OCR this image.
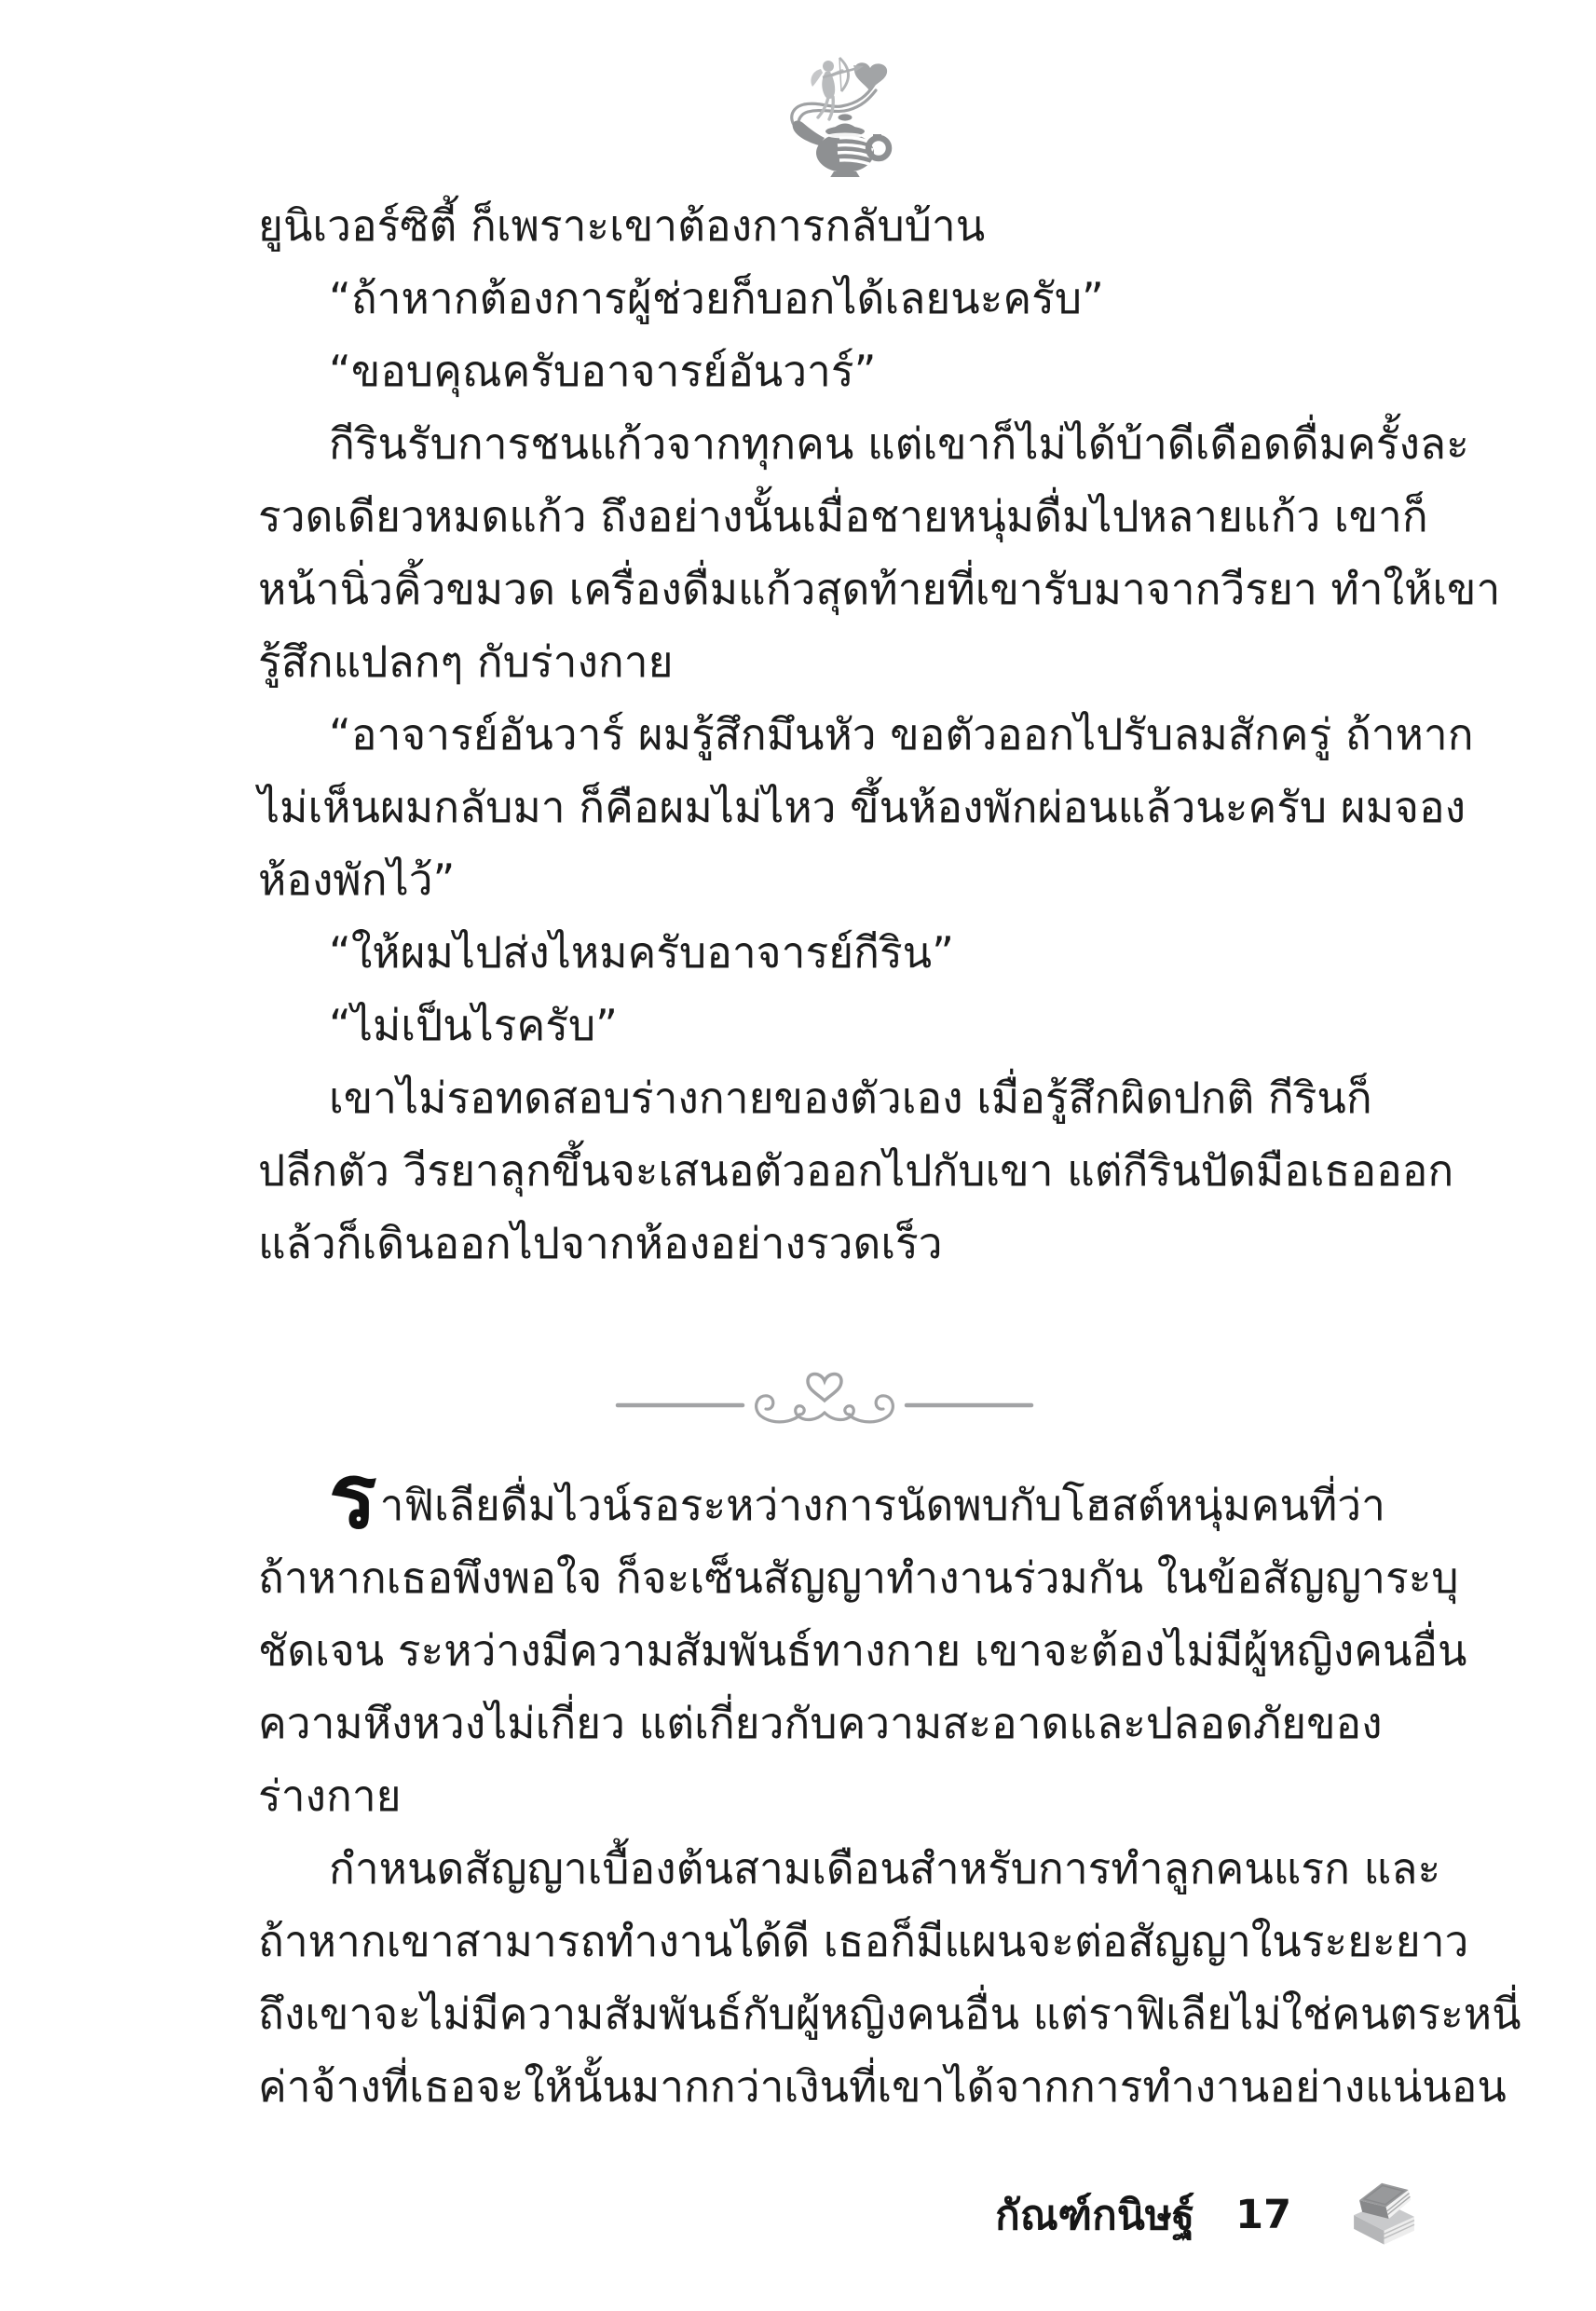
ยูนิเวอร์ซิตี้ ก็เพราะเขาต้องการกลับบ้าน
“ถ้าหากต้องการผู้ช่วยก็บอกได้เลยนะครับ”
“ขอบคุณครับอาจารย์อันวาร์”
กีรินรับการชนแก้วจากทุกคน แต่เขาก็ไม่ได้บ้าดีเดือดดื่มครั้งละ
รวดเดียวหมดแก้ว ถึงอย่างนั้นเมื่อชายหนุ่มดื่มไปหลายแก้ว เขาก็
หน้านิ่วคิ้วขมวด เครื่องดื่มแก้วสุดท้ายที่เขารับมาจากวีรยา ทำให้เขา
รู้สึกแปลกๆ กับร่างกาย
“อาจารย์อันวาร์ ผมรู้สึกมึนหัว ขอตัวออกไปรับลมสักครู่ ถ้าหาก
ไม่เห็นผมกลับมา ก็คือผมไม่ไหว ขึ้นห้องพักผ่อนแล้วนะครับ ผมจอง
ห้องพักไว้”
“ให้ผมไปส่งไหมครับอาจารย์กีริน”
“ไม่เป็นไรครับ”
เขาไม่รอทดสอบร่างกายของตัวเอง เมื่อรู้สึกผิดปกติ กีรินก็
ปลีกตัว วีรยาลุกขึ้นจะเสนอตัวออกไปกับเขา แต่กีรินปัดมือเธอออก
แล้วก็เดินออกไปจากห้องอย่างรวดเร็ว
ราฟิเลียดื่มไวน์รอระหว่างการนัดพบกับโฮสต์หนุ่มคนที่ว่า
ถ้าหากเธอพึงพอใจ ก็จะเซ็นสัญญาทำงานร่วมกัน ในข้อสัญญาระบุ
ชัดเจน ระหว่างมีความสัมพันธ์ทางกาย เขาจะต้องไม่มีผู้หญิงคนอื่น
ความหึงหวงไม่เกี่ยว แต่เกี่ยวกับความสะอาดและปลอดภัยของ
ร่างกาย
กำหนดสัญญาเบื้องต้นสามเดือนสำหรับการทำลูกคนแรก และ
ถ้าหากเขาสามารถทำงานได้ดี เธอก็มีแผนจะต่อสัญญาในระยะยาว
ถึงเขาจะไม่มีความสัมพันธ์กับผู้หญิงคนอื่น แต่ราฟิเลียไม่ใช่คนตระหนี่
ค่าจ้างที่เธอจะให้นั้นมากกว่าเงินที่เขาได้จากการทำงานอย่างแน่นอน
กัณฑ์กนิษฐ์ 17
